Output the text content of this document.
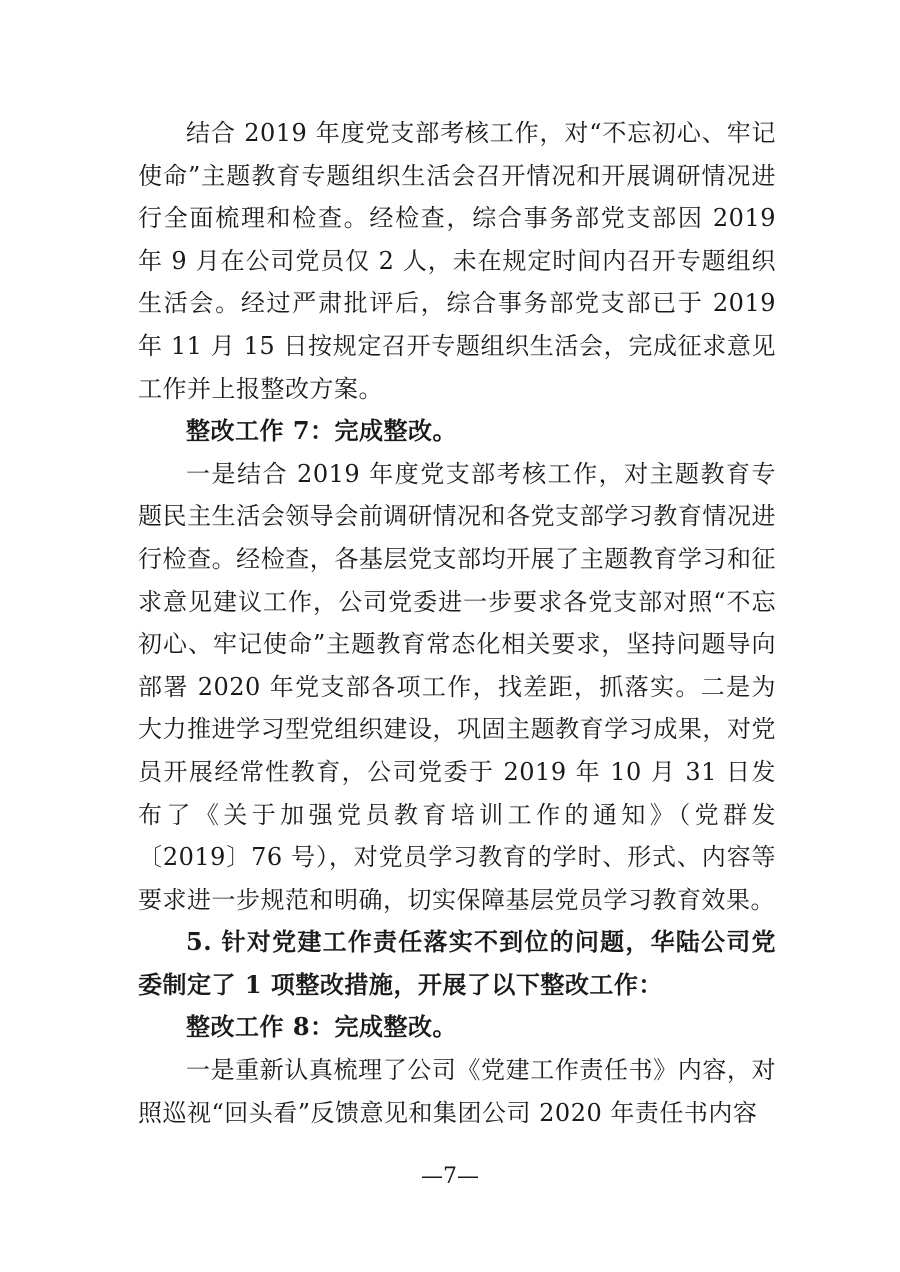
结合 2019 年度党支部考核工作，对“不忘初心、牢记使命”主题教育专题组织生活会召开情况和开展调研情况进行全面梳理和检查。经检查，综合事务部党支部因 2019 年 9 月在公司党员仅 2 人，未在规定时间内召开专题组织生活会。经过严肃批评后，综合事务部党支部已于 2019 年 11 月 15 日按规定召开专题组织生活会，完成征求意见工作并上报整改方案。

整改工作 7：完成整改。

一是结合 2019 年度党支部考核工作，对主题教育专题民主生活会领导会前调研情况和各党支部学习教育情况进行检查。经检查，各基层党支部均开展了主题教育学习和征求意见建议工作，公司党委进一步要求各党支部对照“不忘初心、牢记使命”主题教育常态化相关要求，坚持问题导向部署 2020 年党支部各项工作，找差距，抓落实。二是为大力推进学习型党组织建设，巩固主题教育学习成果，对党员开展经常性教育，公司党委于 2019 年 10 月 31 日发布了《关于加强党员教育培训工作的通知》（党群发〔2019〕76 号），对党员学习教育的学时、形式、内容等要求进一步规范和明确，切实保障基层党员学习教育效果。

5. 针对党建工作责任落实不到位的问题，华陆公司党委制定了 1 项整改措施，开展了以下整改工作：

整改工作 8：完成整改。

一是重新认真梳理了公司《党建工作责任书》内容，对照巡视“回头看”反馈意见和集团公司 2020 年责任书内容

—7—
